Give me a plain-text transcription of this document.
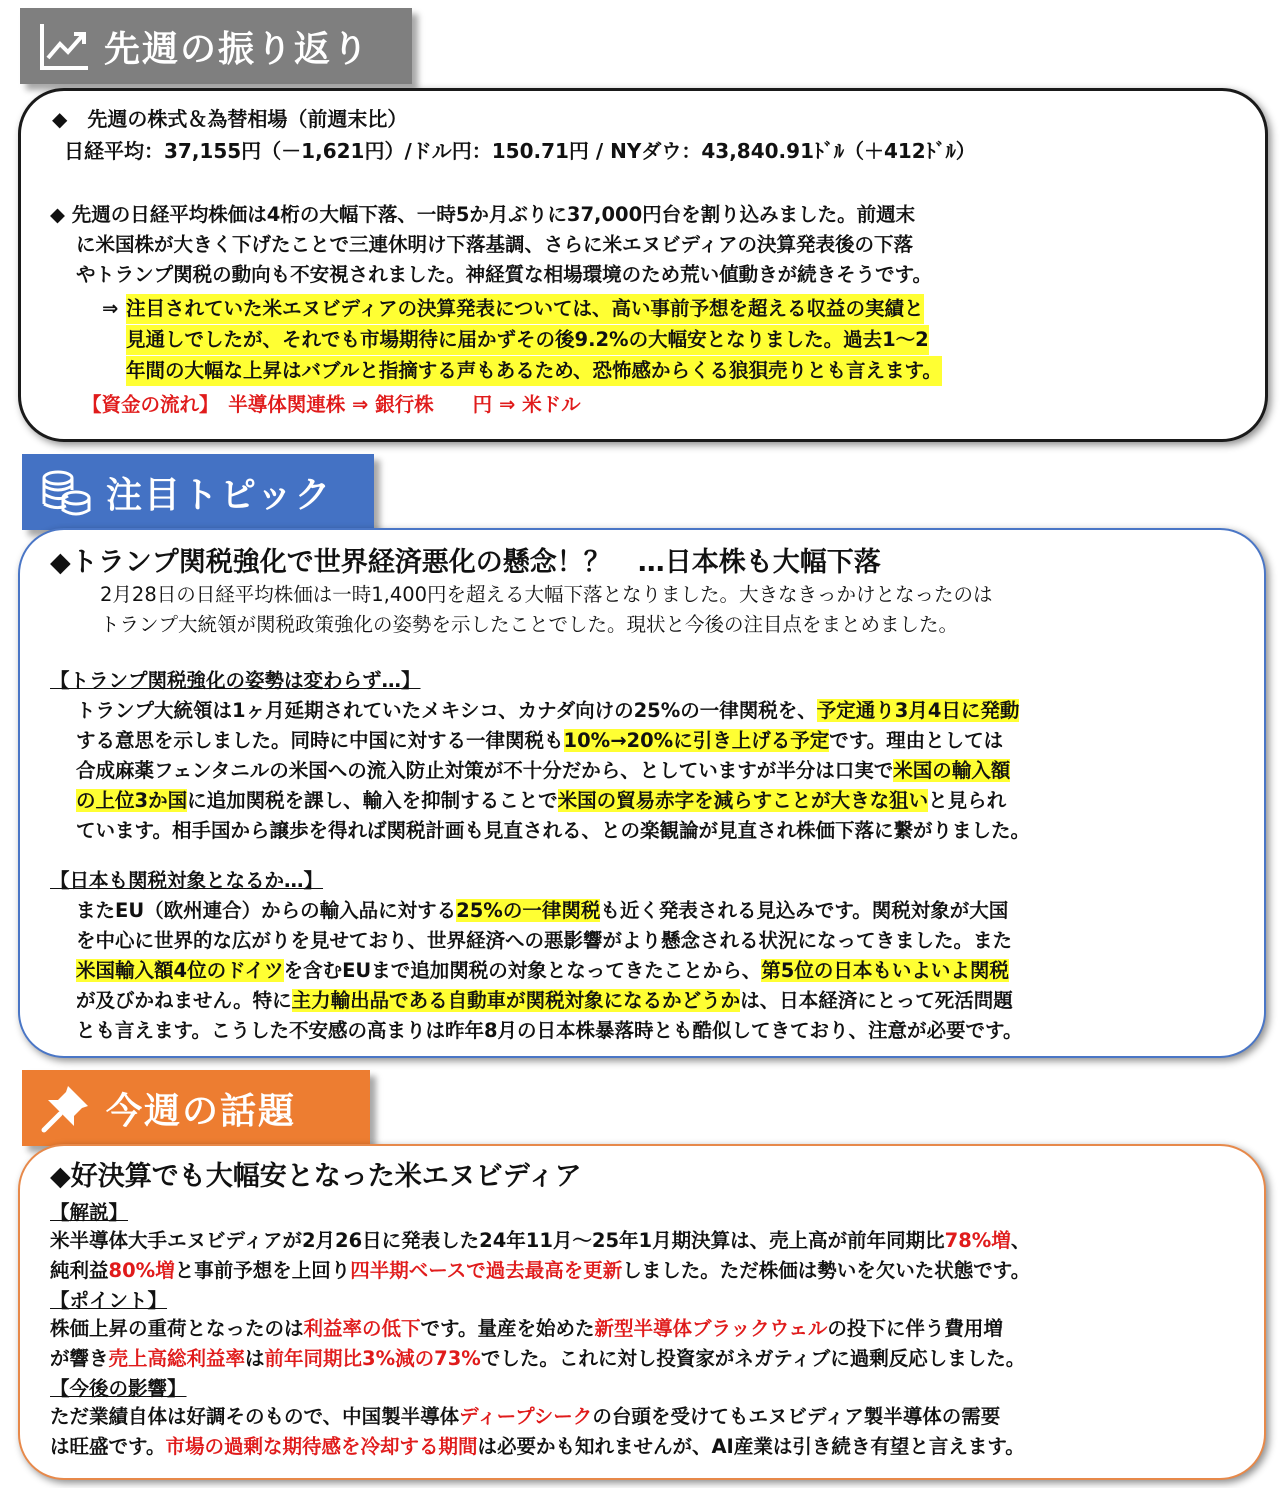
先週の振り返り
◆　先週の株式＆為替相場（前週末比）
日経平均：37,155円（－1,621円）/ドル円：150.71円 / NYダウ：43,840.91ﾄﾞﾙ（＋412ﾄﾞﾙ）
◆ 先週の日経平均株価は4桁の大幅下落、一時5か月ぶりに37,000円台を割り込みました。前週末
に米国株が大きく下げたことで三連休明け下落基調、さらに米エヌビディアの決算発表後の下落
やトランプ関税の動向も不安視されました。神経質な相場環境のため荒い値動きが続きそうです。
⇒ 注目されていた米エヌビディアの決算発表については、高い事前予想を超える収益の実績と
見通しでしたが、それでも市場期待に届かずその後9.2%の大幅安となりました。過去1～2
年間の大幅な上昇はバブルと指摘する声もあるため、恐怖感からくる狼狽売りとも言えます。
【資金の流れ】　半導体関連株 ⇒ 銀行株　　円 ⇒ 米ドル
注目トピック
◆トランプ関税強化で世界経済悪化の懸念！？　…日本株も大幅下落
2月28日の日経平均株価は一時1,400円を超える大幅下落となりました。大きなきっかけとなったのは
トランプ大統領が関税政策強化の姿勢を示したことでした。現状と今後の注目点をまとめました。
【トランプ関税強化の姿勢は変わらず…】
トランプ大統領は1ヶ月延期されていたメキシコ、カナダ向けの25%の一律関税を、予定通り3月4日に発動
する意思を示しました。同時に中国に対する一律関税も10%→20%に引き上げる予定です。理由としては
合成麻薬フェンタニルの米国への流入防止対策が不十分だから、としていますが半分は口実で米国の輸入額
の上位3か国に追加関税を課し、輸入を抑制することで米国の貿易赤字を減らすことが大きな狙いと見られ
ています。相手国から譲歩を得れば関税計画も見直される、との楽観論が見直され株価下落に繋がりました。
【日本も関税対象となるか…】
またEU（欧州連合）からの輸入品に対する25%の一律関税も近く発表される見込みです。関税対象が大国
を中心に世界的な広がりを見せており、世界経済への悪影響がより懸念される状況になってきました。また
米国輸入額4位のドイツを含むEUまで追加関税の対象となってきたことから、第5位の日本もいよいよ関税
が及びかねません。特に主力輸出品である自動車が関税対象になるかどうかは、日本経済にとって死活問題
とも言えます。こうした不安感の高まりは昨年8月の日本株暴落時とも酷似してきており、注意が必要です。
今週の話題
◆好決算でも大幅安となった米エヌビディア
【解説】
米半導体大手エヌビディアが2月26日に発表した24年11月～25年1月期決算は、売上高が前年同期比78%増、
純利益80%増と事前予想を上回り四半期ベースで過去最高を更新しました。ただ株価は勢いを欠いた状態です。
【ポイント】
株価上昇の重荷となったのは利益率の低下です。量産を始めた新型半導体ブラックウェルの投下に伴う費用増
が響き売上高総利益率は前年同期比3%減の73%でした。これに対し投資家がネガティブに過剰反応しました。
【今後の影響】
ただ業績自体は好調そのもので、中国製半導体ディープシークの台頭を受けてもエヌビディア製半導体の需要
は旺盛です。市場の過剰な期待感を冷却する期間は必要かも知れませんが、AI産業は引き続き有望と言えます。
